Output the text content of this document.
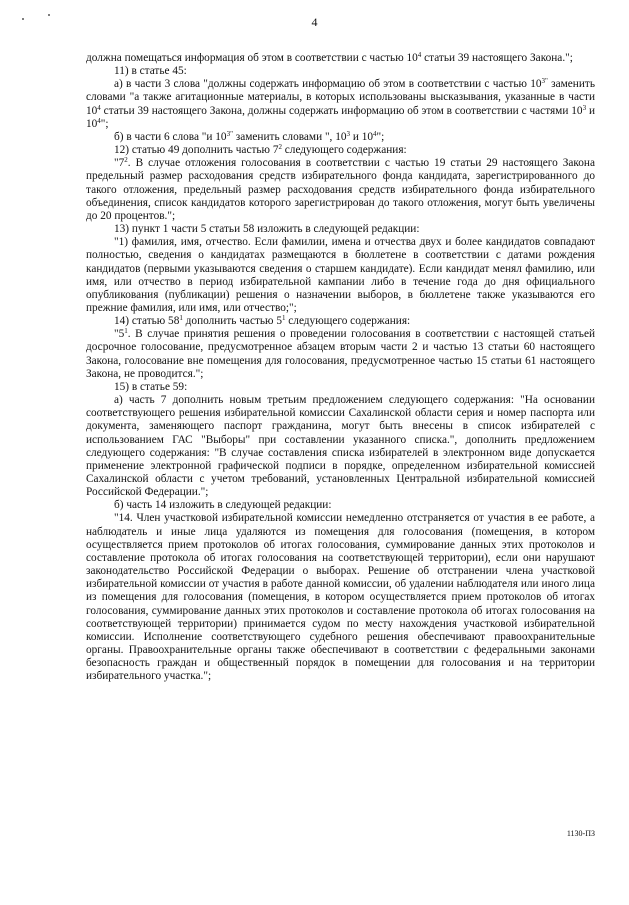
4

должна помещаться информация об этом в соответствии с частью $10^4$ статьи 39 настоящего Закона.";

11) в статье 45:

а) в части 3 слова "должны содержать информацию об этом в соответствии с частью $10^{3"}$ заменить словами "а также агитационные материалы, в которых использованы высказывания, указанные в части $10^4$ статьи 39 настоящего Закона, должны содержать информацию об этом в соответствии с частями $10^3$ и $10^4$";

б) в части 6 слова "и $10^{3"}$ заменить словами ", $10^3$ и $10^4$";

12) статью 49 дополнить частью $7^2$ следующего содержания:

"$7^2$. В случае отложения голосования в соответствии с частью 19 статьи 29 настоящего Закона предельный размер расходования средств избирательного фонда кандидата, зарегистрированного до такого отложения, предельный размер расходования средств избирательного фонда избирательного объединения, список кандидатов которого зарегистрирован до такого отложения, могут быть увеличены до 20 процентов.";

13) пункт 1 части 5 статьи 58 изложить в следующей редакции:

"1) фамилия, имя, отчество. Если фамилии, имена и отчества двух и более кандидатов совпадают полностью, сведения о кандидатах размещаются в бюллетене в соответствии с датами рождения кандидатов (первыми указываются сведения о старшем кандидате). Если кандидат менял фамилию, или имя, или отчество в период избирательной кампании либо в течение года до дня официального опубликования (публикации) решения о назначении выборов, в бюллетене также указываются его прежние фамилия, или имя, или отчество;";

14) статью $58^1$ дополнить частью $5^1$ следующего содержания:

"$5^1$. В случае принятия решения о проведении голосования в соответствии с настоящей статьей досрочное голосование, предусмотренное абзацем вторым части 2 и частью 13 статьи 60 настоящего Закона, голосование вне помещения для голосования, предусмотренное частью 15 статьи 61 настоящего Закона, не проводится.";

15) в статье 59:

а) часть 7 дополнить новым третьим предложением следующего содержания: "На основании соответствующего решения избирательной комиссии Сахалинской области серия и номер паспорта или документа, заменяющего паспорт гражданина, могут быть внесены в список избирателей с использованием ГАС "Выборы" при составлении указанного списка.", дополнить предложением следующего содержания: "В случае составления списка избирателей в электронном виде допускается применение электронной графической подписи в порядке, определенном избирательной комиссией Сахалинской области с учетом требований, установленных Центральной избирательной комиссией Российской Федерации.";

б) часть 14 изложить в следующей редакции:

"14. Член участковой избирательной комиссии немедленно отстраняется от участия в ее работе, а наблюдатель и иные лица удаляются из помещения для голосования (помещения, в котором осуществляется прием протоколов об итогах голосования, суммирование данных этих протоколов и составление протокола об итогах голосования на соответствующей территории), если они нарушают законодательство Российской Федерации о выборах. Решение об отстранении члена участковой избирательной комиссии от участия в работе данной комиссии, об удалении наблюдателя или иного лица из помещения для голосования (помещения, в котором осуществляется прием протоколов об итогах голосования, суммирование данных этих протоколов и составление протокола об итогах голосования на соответствующей территории) принимается судом по месту нахождения участковой избирательной комиссии. Исполнение соответствующего судебного решения обеспечивают правоохранительные органы. Правоохранительные органы также обеспечивают в соответствии с федеральными законами безопасность граждан и общественный порядок в помещении для голосования и на территории избирательного участка.";

1130-ПЗ
